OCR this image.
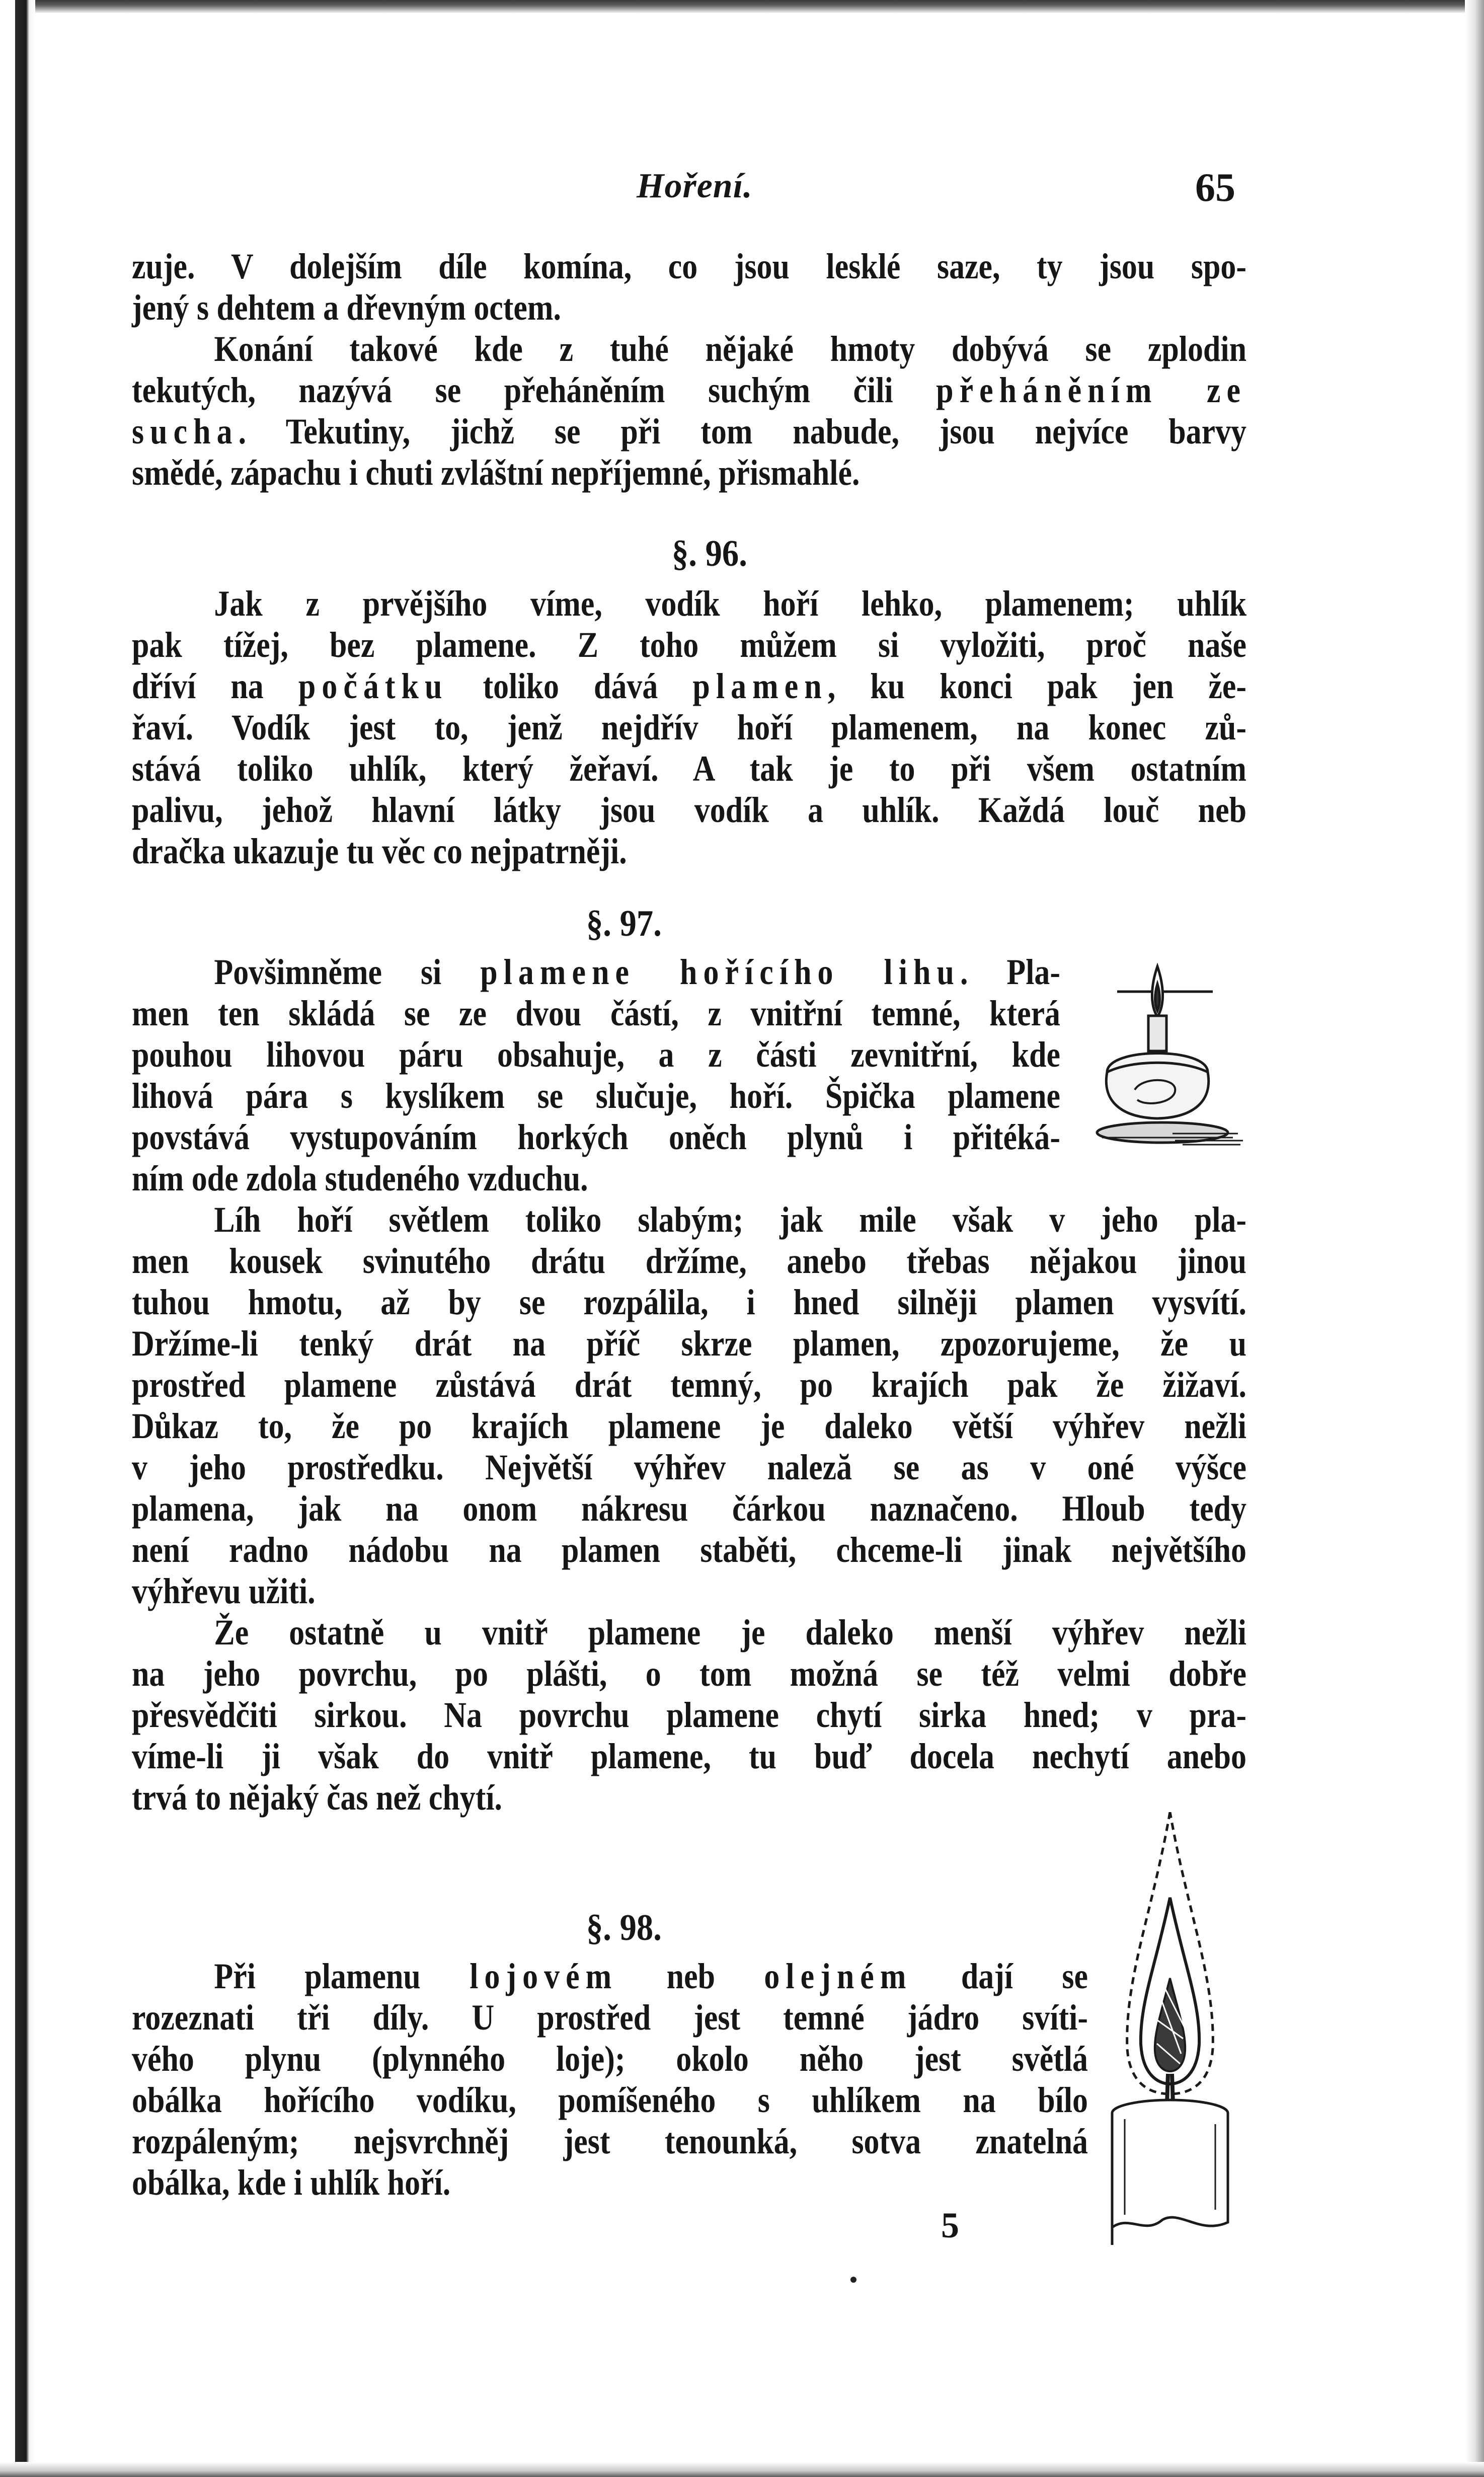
Hoření.	65
zuje. V dolejším díle komína, co jsou lesklé saze, ty jsou spo-
jený s dehtem a dřevným octem.
Konání takové kde z tuhé nějaké hmoty dobývá se zplodin
tekutých, nazývá se přeháněním suchým čili přeháněním ze
sucha. Tekutiny, jichž se při tom nabude, jsou nejvíce barvy
smědé, zápachu i chuti zvláštní nepříjemné, přismahlé.
§. 96.
Jak z prvějšího víme, vodík hoří lehko, plamenem; uhlík
pak tížej, bez plamene. Z toho můžem si vyložiti, proč naše
dříví na počátku toliko dává plamen, ku konci pak jen že-
řaví. Vodík jest to, jenž nejdřív hoří plamenem, na konec zů-
stává toliko uhlík, který žeřaví. A tak je to při všem ostatním
palivu, jehož hlavní látky jsou vodík a uhlík. Každá louč neb
dračka ukazuje tu věc co nejpatrněji.
§. 97.
Povšimněme si plamene hořícího lihu. Pla-
men ten skládá se ze dvou částí, z vnitřní temné, která
pouhou lihovou páru obsahuje, a z části zevnitřní, kde
lihová pára s kyslíkem se slučuje, hoří. Špička plamene
povstává vystupováním horkých oněch plynů i přitéká-
ním ode zdola studeného vzduchu.
Líh hoří světlem toliko slabým; jak mile však v jeho pla-
men kousek svinutého drátu držíme, anebo třebas nějakou jinou
tuhou hmotu, až by se rozpálila, i hned silněji plamen vysvítí.
Držíme-li tenký drát na příč skrze plamen, zpozorujeme, že u
prostřed plamene zůstává drát temný, po krajích pak že žižaví.
Důkaz to, že po krajích plamene je daleko větší výhřev nežli
v jeho prostředku. Největší výhřev naleză se as v oné výšce
plamena, jak na onom nákresu čárkou naznačeno. Hloub tedy
není radno nádobu na plamen staběti, chceme-li jinak největšího
výhřevu užiti.
Že ostatně u vnitř plamene je daleko menší výhřev nežli
na jeho povrchu, po plášti, o tom možná se též velmi dobře
přesvědčiti sirkou. Na povrchu plamene chytí sirka hned; v pra-
víme-li ji však do vnitř plamene, tu buď docela nechytí anebo
trvá to nějaký čas než chytí.
§. 98.
Při plamenu lojovém neb olejném dají se
rozeznati tři díly. U prostřed jest temné jádro svíti-
vého plynu (plynného loje); okolo něho jest světlá
obálka hořícího vodíku, pomíšeného s uhlíkem na bílo
rozpáleným; nejsvrchněj jest tenounká, sotva znatelná
obálka, kde i uhlík hoří.
5
